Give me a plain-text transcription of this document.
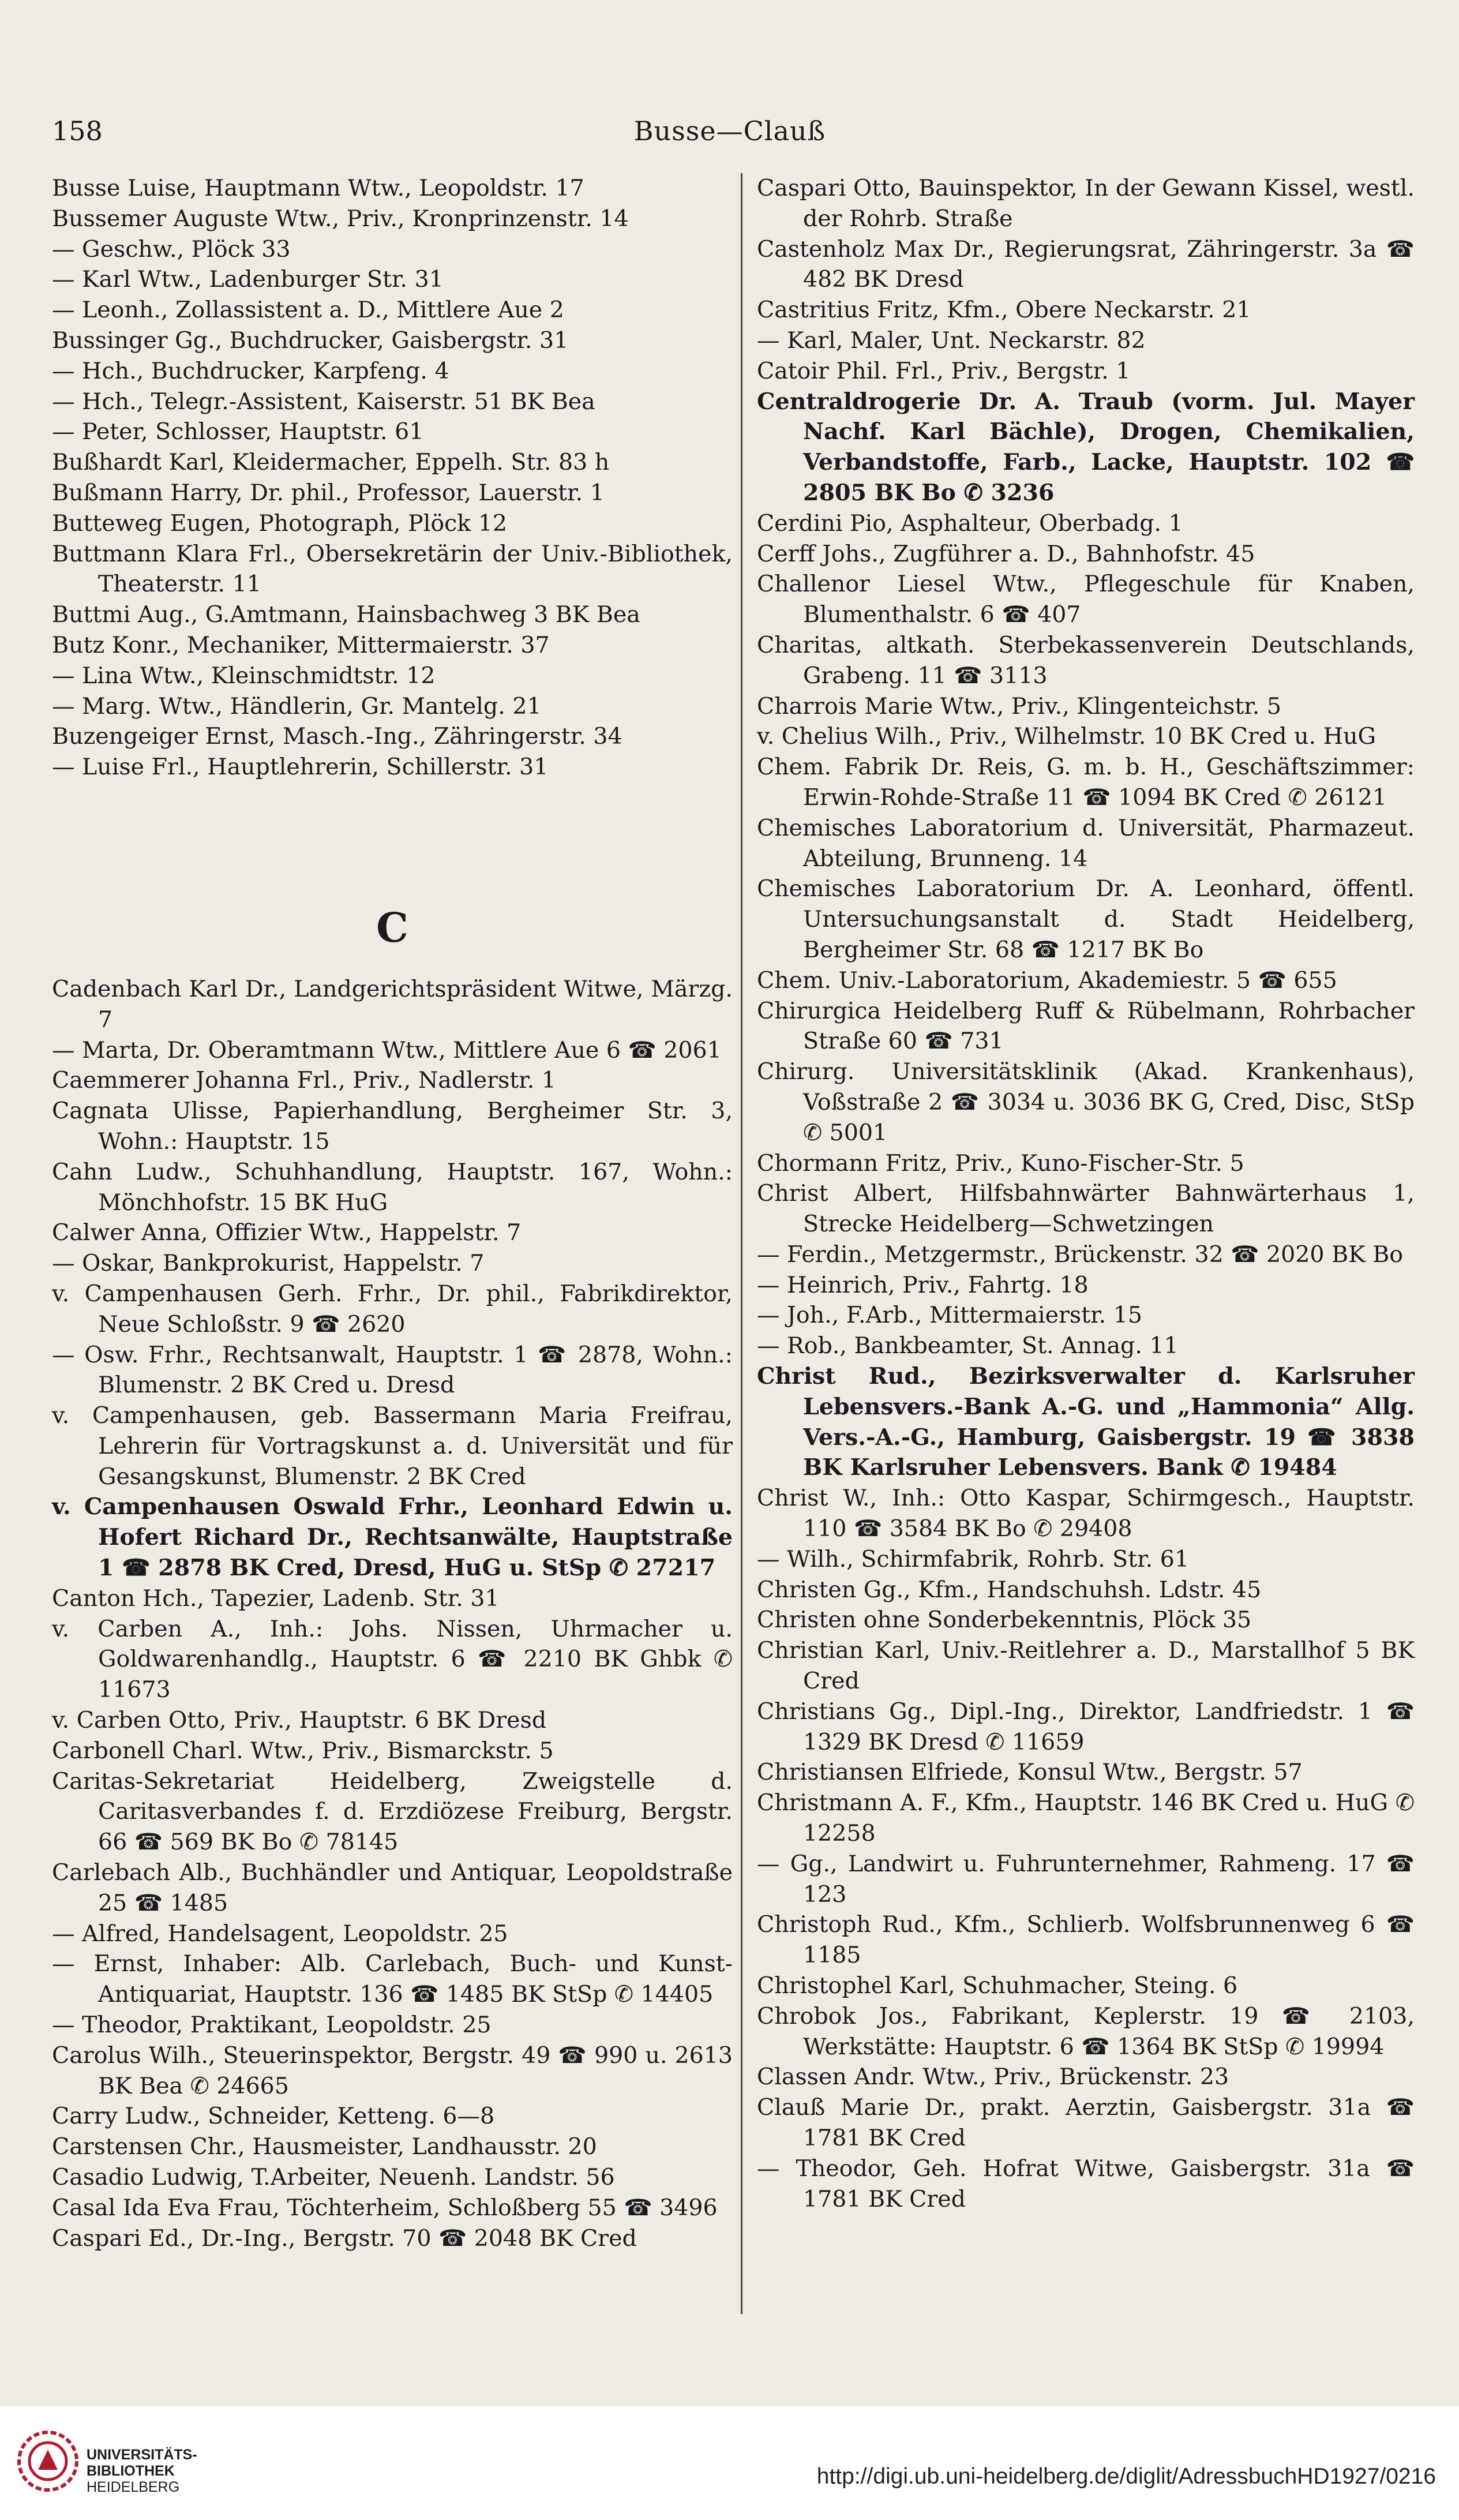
158	Busse—Clauß
Busse Luise, Hauptmann Wtw., Leopoldstr. 17
Bussemer Auguste Wtw., Priv., Kronprinzenstr. 14
— Geschw., Plöck 33
— Karl Wtw., Ladenburger Str. 31
— Leonh., Zollassistent a. D., Mittlere Aue 2
Bussinger Gg., Buchdrucker, Gaisbergstr. 31
— Hch., Buchdrucker, Karpfeng. 4
— Hch., Telegr.-Assistent, Kaiserstr. 51 BK Bea
— Peter, Schlosser, Hauptstr. 61
Bußhardt Karl, Kleidermacher, Eppelh. Str. 83 h
Bußmann Harry, Dr. phil., Professor, Lauerstr. 1
Butteweg Eugen, Photograph, Plöck 12
Buttmann Klara Frl., Obersekretärin der Univ.-Bibliothek, Theaterstr. 11
Buttmi Aug., G.Amtmann, Hainsbachweg 3 BK Bea
Butz Konr., Mechaniker, Mittermaierstr. 37
— Lina Wtw., Kleinschmidtstr. 12
— Marg. Wtw., Händlerin, Gr. Mantelg. 21
Buzengeiger Ernst, Masch.-Ing., Zähringerstr. 34
— Luise Frl., Hauptlehrerin, Schillerstr. 31
C
Cadenbach Karl Dr., Landgerichtspräsident Witwe, Märzg. 7
— Marta, Dr. Oberamtmann Wtw., Mittlere Aue 6 ☎ 2061
Caemmerer Johanna Frl., Priv., Nadlerstr. 1
Cagnata Ulisse, Papierhandlung, Bergheimer Str. 3, Wohn.: Hauptstr. 15
Cahn Ludw., Schuhhandlung, Hauptstr. 167, Wohn.: Mönchhofstr. 15 BK HuG
Calwer Anna, Offizier Wtw., Happelstr. 7
— Oskar, Bankprokurist, Happelstr. 7
v. Campenhausen Gerh. Frhr., Dr. phil., Fabrikdirektor, Neue Schloßstr. 9 ☎ 2620
— Osw. Frhr., Rechtsanwalt, Hauptstr. 1 ☎ 2878, Wohn.: Blumenstr. 2 BK Cred u. Dresd
v. Campenhausen, geb. Bassermann Maria Freifrau, Lehrerin für Vortragskunst a. d. Universität und für Gesangskunst, Blumenstr. 2 BK Cred
v. Campenhausen Oswald Frhr., Leonhard Edwin u. Hofert Richard Dr., Rechtsanwälte, Hauptstraße 1 ☎ 2878 BK Cred, Dresd, HuG u. StSp ✆ 27217
Canton Hch., Tapezier, Ladenb. Str. 31
v. Carben A., Inh.: Johs. Nissen, Uhrmacher u. Goldwarenhandlg., Hauptstr. 6 ☎ 2210 BK Ghbk ✆ 11673
v. Carben Otto, Priv., Hauptstr. 6 BK Dresd
Carbonell Charl. Wtw., Priv., Bismarckstr. 5
Caritas-Sekretariat Heidelberg, Zweigstelle d. Caritasverbandes f. d. Erzdiözese Freiburg, Bergstr. 66 ☎ 569 BK Bo ✆ 78145
Carlebach Alb., Buchhändler und Antiquar, Leopoldstraße 25 ☎ 1485
— Alfred, Handelsagent, Leopoldstr. 25
— Ernst, Inhaber: Alb. Carlebach, Buch- und Kunst-Antiquariat, Hauptstr. 136 ☎ 1485 BK StSp ✆ 14405
— Theodor, Praktikant, Leopoldstr. 25
Carolus Wilh., Steuerinspektor, Bergstr. 49 ☎ 990 u. 2613 BK Bea ✆ 24665
Carry Ludw., Schneider, Ketteng. 6—8
Carstensen Chr., Hausmeister, Landhausstr. 20
Casadio Ludwig, T.Arbeiter, Neuenh. Landstr. 56
Casal Ida Eva Frau, Töchterheim, Schloßberg 55 ☎ 3496
Caspari Ed., Dr.-Ing., Bergstr. 70 ☎ 2048 BK Cred
Caspari Otto, Bauinspektor, In der Gewann Kissel, westl. der Rohrb. Straße
Castenholz Max Dr., Regierungsrat, Zähringerstr. 3a ☎ 482 BK Dresd
Castritius Fritz, Kfm., Obere Neckarstr. 21
— Karl, Maler, Unt. Neckarstr. 82
Catoir Phil. Frl., Priv., Bergstr. 1
Centraldrogerie Dr. A. Traub (vorm. Jul. Mayer Nachf. Karl Bächle), Drogen, Chemikalien, Verbandstoffe, Farb., Lacke, Hauptstr. 102 ☎ 2805 BK Bo ✆ 3236
Cerdini Pio, Asphalteur, Oberbadg. 1
Cerff Johs., Zugführer a. D., Bahnhofstr. 45
Challenor Liesel Wtw., Pflegeschule für Knaben, Blumenthalstr. 6 ☎ 407
Charitas, altkath. Sterbekassenverein Deutschlands, Grabeng. 11 ☎ 3113
Charrois Marie Wtw., Priv., Klingenteichstr. 5
v. Chelius Wilh., Priv., Wilhelmstr. 10 BK Cred u. HuG
Chem. Fabrik Dr. Reis, G. m. b. H., Geschäftszimmer: Erwin-Rohde-Straße 11 ☎ 1094 BK Cred ✆ 26121
Chemisches Laboratorium d. Universität, Pharmazeut. Abteilung, Brunneng. 14
Chemisches Laboratorium Dr. A. Leonhard, öffentl. Untersuchungsanstalt d. Stadt Heidelberg, Bergheimer Str. 68 ☎ 1217 BK Bo
Chem. Univ.-Laboratorium, Akademiestr. 5 ☎ 655
Chirurgica Heidelberg Ruff & Rübelmann, Rohrbacher Straße 60 ☎ 731
Chirurg. Universitätsklinik (Akad. Krankenhaus), Voßstraße 2 ☎ 3034 u. 3036 BK G, Cred, Disc, StSp ✆ 5001
Chormann Fritz, Priv., Kuno-Fischer-Str. 5
Christ Albert, Hilfsbahnwärter Bahnwärterhaus 1, Strecke Heidelberg—Schwetzingen
— Ferdin., Metzgermstr., Brückenstr. 32 ☎ 2020 BK Bo
— Heinrich, Priv., Fahrtg. 18
— Joh., F.Arb., Mittermaierstr. 15
— Rob., Bankbeamter, St. Annag. 11
Christ Rud., Bezirksverwalter d. Karlsruher Lebensvers.-Bank A.-G. und „Hammonia“ Allg. Vers.-A.-G., Hamburg, Gaisbergstr. 19 ☎ 3838 BK Karlsruher Lebensvers. Bank ✆ 19484
Christ W., Inh.: Otto Kaspar, Schirmgesch., Hauptstr. 110 ☎ 3584 BK Bo ✆ 29408
— Wilh., Schirmfabrik, Rohrb. Str. 61
Christen Gg., Kfm., Handschuhsh. Ldstr. 45
Christen ohne Sonderbekenntnis, Plöck 35
Christian Karl, Univ.-Reitlehrer a. D., Marstallhof 5 BK Cred
Christians Gg., Dipl.-Ing., Direktor, Landfriedstr. 1 ☎ 1329 BK Dresd ✆ 11659
Christiansen Elfriede, Konsul Wtw., Bergstr. 57
Christmann A. F., Kfm., Hauptstr. 146 BK Cred u. HuG ✆ 12258
— Gg., Landwirt u. Fuhrunternehmer, Rahmeng. 17 ☎ 123
Christoph Rud., Kfm., Schlierb. Wolfsbrunnenweg 6 ☎ 1185
Christophel Karl, Schuhmacher, Steing. 6
Chrobok Jos., Fabrikant, Keplerstr. 19 ☎ 2103, Werkstätte: Hauptstr. 6 ☎ 1364 BK StSp ✆ 19994
Classen Andr. Wtw., Priv., Brückenstr. 23
Clauß Marie Dr., prakt. Aerztin, Gaisbergstr. 31a ☎ 1781 BK Cred
— Theodor, Geh. Hofrat Witwe, Gaisbergstr. 31a ☎ 1781 BK Cred
UNIVERSITÄTS-
BIBLIOTHEK
HEIDELBERG	http://digi.ub.uni-heidelberg.de/diglit/AdressbuchHD1927/0216
